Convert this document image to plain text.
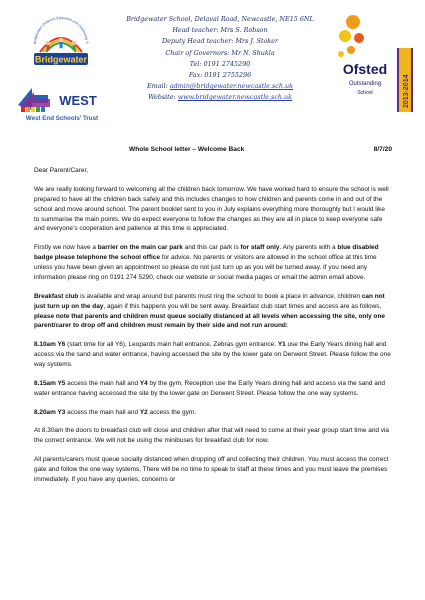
Bridgewater Childrens Education and Community S
Bridgewater
WEST
West End Schools' Trust
Bridgewater School, Delaval Road, Newcastle, NE15 6NL
Head teacher: Mrs S. Robson
Deputy Head teacher: Mrs J. Stoker
Chair of Governors: Mr N. Shukla
Tel: 0191 2745290
Fax: 0191 2755296
Email: admin@bridgewater.newcastle.sch.uk
Website: www.bridgewater.newcastle.sch.uk
Ofsted
Outstanding
School	2013-2014
Whole School letter – Welcome Back	8/7/20

Dear Parent/Carer,

We are really looking forward to welcoming all the children back tomorrow. We have worked hard to ensure the school is well prepared to have all the children back safely and this includes changes to how children and parents come in and out of the school and move around school. The parent booklet sent to you in July explains everything more thoroughly but I would like to summarise the main points. We do expect everyone to follow the changes as they are all in place to keep everyone safe and everyone’s cooperation and patience at this time is appreciated.

Firstly we now have a barrier on the main car park and this car park is for staff only. Any parents with a blue disabled badge please telephone the school office for advice. No parents or visitors are allowed in the school office at this time unless you have been given an appointment so please do not just turn up as you will be turned away. If you need any information please ring on 0191 274 5290, check our website or social media pages or email the admin email above.

Breakfast club is available and wrap around but parents must ring the school to book a place in advance, children can not just turn up on the day, again if this happens you will be sent away. Breakfast club start times and access are as follows, please note that parents and children must queue socially distanced at all levels when accessing the site, only one parent/carer to drop off and children must remain by their side and not run around:

8.10am Y6 (start time for all Y6), Leopards main hall entrance, Zebras gym entrance. Y1 use the Early Years dining hall and access via the sand and water entrance, having accessed the site by the lower gate on Derwent Street. Please follow the one way systems.

8.15am Y5 access the main hall and Y4 by the gym, Reception use the Early Years dining hall and access via the sand and water entrance having accessed the site by the lower gate on Derwent Street. Please follow the one way systems.

8.20am Y3 access the main hall and Y2 access the gym.

At 8.30am the doors to breakfast club will close and children after that will need to come at their year group start time and via the correct entrance. We will not be using the minibuses for breakfast club for now.

All parents/carers must queue socially distanced when dropping off and collecting their children. You must access the correct gate and follow the one way systems. There will be no time to speak to staff at these times and you must leave the premises immediately. If you have any queries, concerns or
